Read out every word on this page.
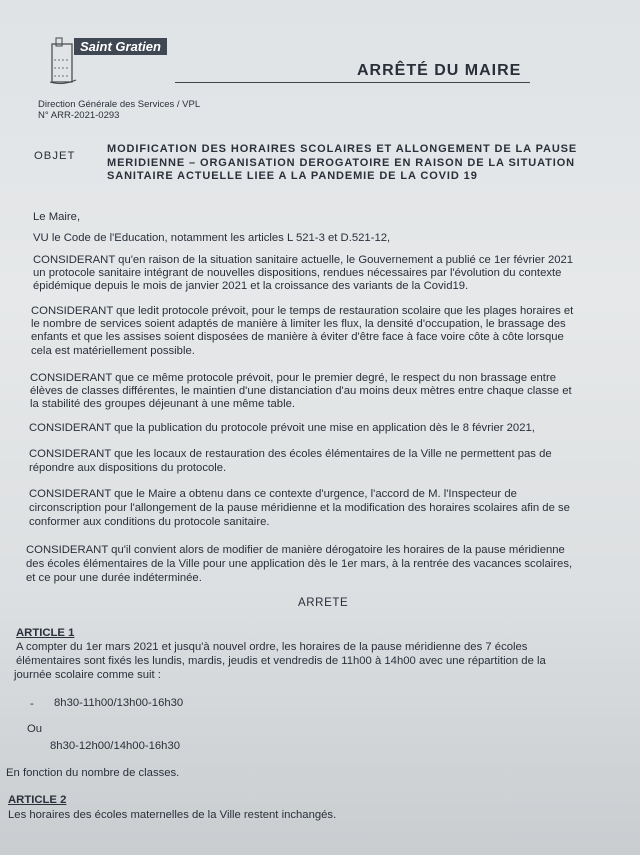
Saint Gratien
ARRÊTÉ DU MAIRE
Direction Générale des Services / VPL
N° ARR-2021-0293
OBJET
MODIFICATION DES HORAIRES SCOLAIRES ET ALLONGEMENT DE LA PAUSE
MERIDIENNE – ORGANISATION DEROGATOIRE EN RAISON DE LA SITUATION
SANITAIRE ACTUELLE LIEE A LA PANDEMIE DE LA COVID 19
Le Maire,
VU le Code de l'Education, notamment les articles L 521-3 et D.521-12,
CONSIDERANT qu'en raison de la situation sanitaire actuelle, le Gouvernement a publié ce 1er février 2021
un protocole sanitaire intégrant de nouvelles dispositions, rendues nécessaires par l'évolution du contexte
épidémique depuis le mois de janvier 2021 et la croissance des variants de la Covid19.
CONSIDERANT que ledit protocole prévoit, pour le temps de restauration scolaire que les plages horaires et
le nombre de services soient adaptés de manière à limiter les flux, la densité d'occupation, le brassage des
enfants et que les assises soient disposées de manière à éviter d'être face à face voire côte à côte lorsque
cela est matériellement possible.
CONSIDERANT que ce même protocole prévoit, pour le premier degré, le respect du non brassage entre
élèves de classes différentes, le maintien d'une distanciation d'au moins deux mètres entre chaque classe et
la stabilité des groupes déjeunant à une même table.
CONSIDERANT que la publication du protocole prévoit une mise en application dès le 8 février 2021,
CONSIDERANT que les locaux de restauration des écoles élémentaires de la Ville ne permettent pas de
répondre aux dispositions du protocole.
CONSIDERANT que le Maire a obtenu dans ce contexte d'urgence, l'accord de M. l'Inspecteur de
circonscription pour l'allongement de la pause méridienne et la modification des horaires scolaires afin de se
conformer aux conditions du protocole sanitaire.
CONSIDERANT qu'il convient alors de modifier de manière dérogatoire les horaires de la pause méridienne
des écoles élémentaires de la Ville pour une application dès le 1er mars, à la rentrée des vacances scolaires,
et ce pour une durée indéterminée.
ARRETE
ARTICLE 1
A compter du 1er mars 2021 et jusqu'à nouvel ordre, les horaires de la pause méridienne des 7 écoles
élémentaires sont fixés les lundis, mardis, jeudis et vendredis de 11h00 à 14h00 avec une répartition de la
journée scolaire comme suit :
- 8h30-11h00/13h00-16h30
Ou
8h30-12h00/14h00-16h30
En fonction du nombre de classes.
ARTICLE 2
Les horaires des écoles maternelles de la Ville restent inchangés.
